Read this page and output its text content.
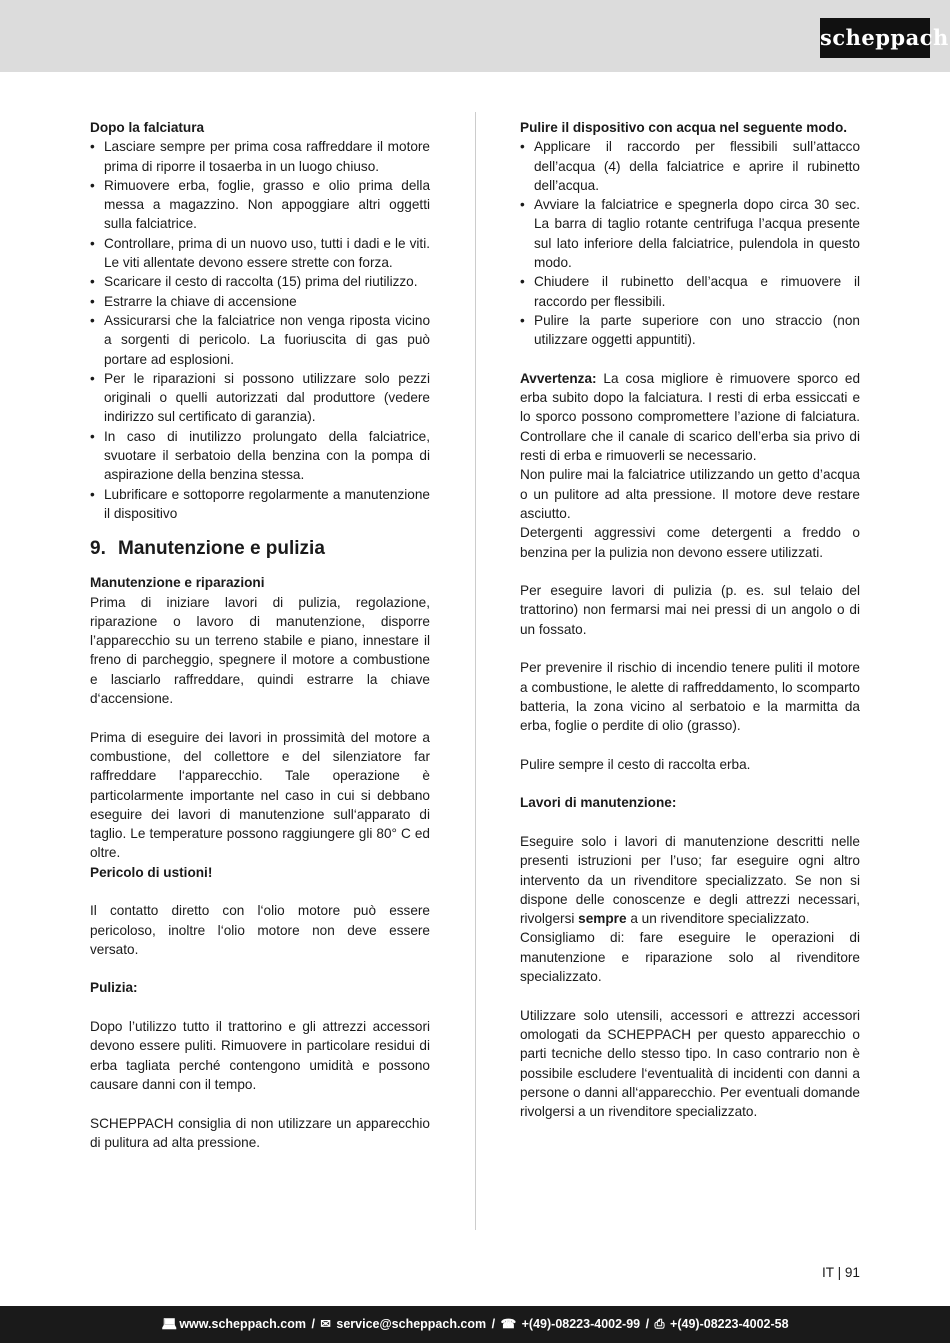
scheppach
Dopo la falciatura
• Lasciare sempre per prima cosa raffreddare il motore prima di riporre il tosaerba in un luogo chiuso.
• Rimuovere erba, foglie, grasso e olio prima della messa a magazzino. Non appoggiare altri oggetti sulla falciatrice.
• Controllare, prima di un nuovo uso, tutti i dadi e le viti. Le viti allentate devono essere strette con forza.
• Scaricare il cesto di raccolta (15) prima del riutilizzo.
• Estrarre la chiave di accensione
• Assicurarsi che la falciatrice non venga riposta vicino a sorgenti di pericolo. La fuoriuscita di gas può portare ad esplosioni.
• Per le riparazioni si possono utilizzare solo pezzi originali o quelli autorizzati dal produttore (vedere indirizzo sul certificato di garanzia).
• In caso di inutilizzo prolungato della falciatrice, svuotare il serbatoio della benzina con la pompa di aspirazione della benzina stessa.
• Lubrificare e sottoporre regolarmente a manutenzione il dispositivo
9. Manutenzione e pulizia
Manutenzione e riparazioni

Prima di iniziare lavori di pulizia, regolazione, riparazione o lavoro di manutenzione, disporre l’apparecchio su un terreno stabile e piano, innestare il freno di parcheggio, spegnere il motore a combustione e lasciarlo raffreddare, quindi estrarre la chiave d‘accensione.

Prima di eseguire dei lavori in prossimità del motore a combustione, del collettore e del silenziatore far raffreddare l‘apparecchio. Tale operazione è particolarmente importante nel caso in cui si debbano eseguire dei lavori di manutenzione sull‘apparato di taglio. Le temperature possono raggiungere gli 80° C ed oltre.

Pericolo di ustioni!

Il contatto diretto con l‘olio motore può essere pericoloso, inoltre l‘olio motore non deve essere versato.

Pulizia:

Dopo l’utilizzo tutto il trattorino e gli attrezzi accessori devono essere puliti. Rimuovere in particolare residui di erba tagliata perché contengono umidità e possono causare danni con il tempo.

SCHEPPACH consiglia di non utilizzare un apparecchio di pulitura ad alta pressione.

Pulire il dispositivo con acqua nel seguente modo.
• Applicare il raccordo per flessibili sull’attacco dell’acqua (4) della falciatrice e aprire il rubinetto dell’acqua.
• Avviare la falciatrice e spegnerla dopo circa 30 sec. La barra di taglio rotante centrifuga l’acqua presente sul lato inferiore della falciatrice, pulendola in questo modo.
• Chiudere il rubinetto dell’acqua e rimuovere il raccordo per flessibili.
• Pulire la parte superiore con uno straccio (non utilizzare oggetti appuntiti).

Avvertenza: La cosa migliore è rimuovere sporco ed erba subito dopo la falciatura. I resti di erba essiccati e lo sporco possono compromettere l’azione di falciatura. Controllare che il canale di scarico dell’erba sia privo di resti di erba e rimuoverli se necessario.

Non pulire mai la falciatrice utilizzando un getto d’acqua o un pulitore ad alta pressione. Il motore deve restare asciutto.

Detergenti aggressivi come detergenti a freddo o benzina per la pulizia non devono essere utilizzati.

Per eseguire lavori di pulizia (p. es. sul telaio del trattorino) non fermarsi mai nei pressi di un angolo o di un fossato.

Per prevenire il rischio di incendio tenere puliti il motore a combustione, le alette di raffreddamento, lo scomparto batteria, la zona vicino al serbatoio e la marmitta da erba, foglie o perdite di olio (grasso).

Pulire sempre il cesto di raccolta erba.

Lavori di manutenzione:

Eseguire solo i lavori di manutenzione descritti nelle presenti istruzioni per l’uso; far eseguire ogni altro intervento da un rivenditore specializzato. Se non si dispone delle conoscenze e degli attrezzi necessari, rivolgersi sempre a un rivenditore specializzato.

Consigliamo di: fare eseguire le operazioni di manutenzione e riparazione solo al rivenditore specializzato.

Utilizzare solo utensili, accessori e attrezzi accessori omologati da SCHEPPACH per questo apparecchio o parti tecniche dello stesso tipo. In caso contrario non è possibile escludere l‘eventualità di incidenti con danni a persone o danni all‘apparecchio. Per eventuali domande rivolgersi a un rivenditore specializzato.

IT | 91
💻︎ www.scheppach.com / ✉︎ service@scheppach.com / ☎ +(49)-08223-4002-99 / ⎙ +(49)-08223-4002-58
